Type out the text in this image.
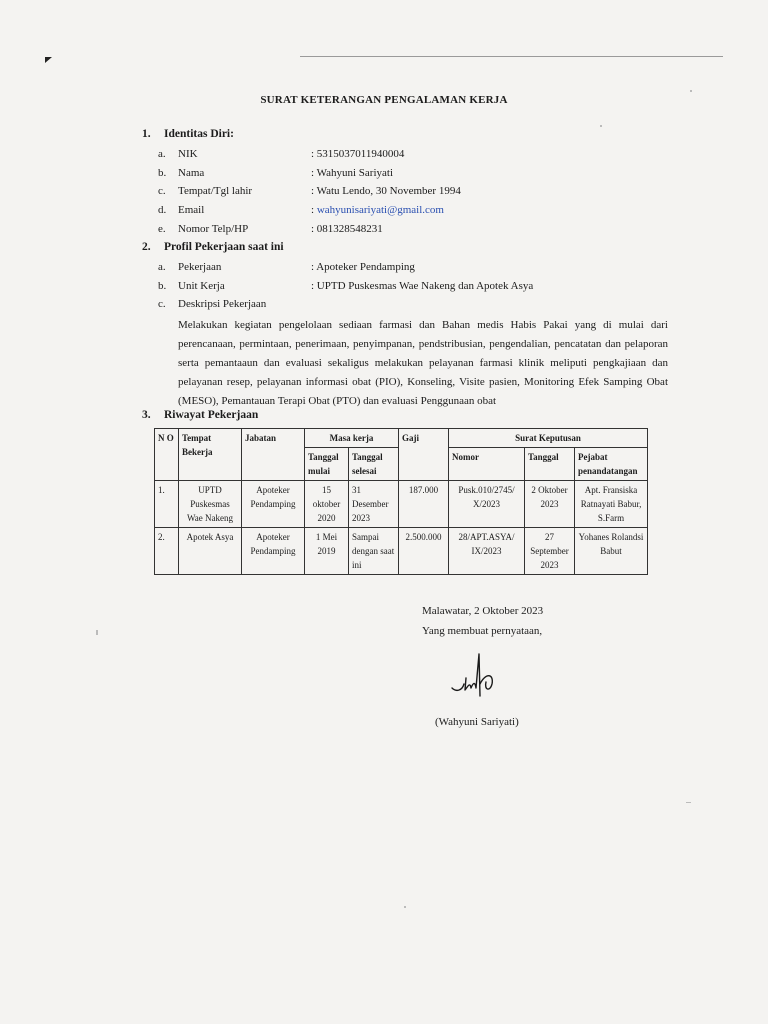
SURAT KETERANGAN PENGALAMAN KERJA
1. Identitas Diri:
a.	NIK	: 5315037011940004
b.	Nama	: Wahyuni Sariyati
c.	Tempat/Tgl lahir	: Watu Lendo, 30 November 1994
d.	Email	: wahyunisariyati@gmail.com
e.	Nomor Telp/HP	: 081328548231
2. Profil Pekerjaan saat ini
a.	Pekerjaan	: Apoteker Pendamping
b.	Unit Kerja	: UPTD Puskesmas Wae Nakeng dan Apotek Asya
c.	Deskripsi Pekerjaan

Melakukan kegiatan pengelolaan sediaan farmasi dan Bahan medis Habis Pakai yang di mulai dari perencanaan, permintaan, penerimaan, penyimpanan, pendstribusian, pengendalian, pencatatan dan pelaporan serta pemantaaun dan evaluasi sekaligus melakukan pelayanan farmasi klinik meliputi pengkajiaan dan pelayanan resep, pelayanan informasi obat (PIO), Konseling, Visite pasien, Monitoring Efek Samping Obat (MESO), Pemantauan Terapi Obat (PTO) dan evaluasi Penggunaan obat

3. Riwayat Pekerjaan
N O	Tempat Bekerja	Jabatan	Masa kerja		Gaji	Surat Keputusan		
			Tanggal mulai	Tanggal selesai		Nomor	Tanggal	Pejabat penandatangan
1.	UPTD Puskesmas Wae Nakeng	Apoteker Pendamping	15 oktober 2020	31 Desember 2023	187.000	Pusk.010/2745/ X/2023	2 Oktober 2023	Apt. Fransiska Ratnayati Babur, S.Farm
2.	Apotek Asya	Apoteker Pendamping	1 Mei 2019	Sampai dengan saat ini	2.500.000	28/APT.ASYA/ IX/2023	27 September 2023	Yohanes Rolandsi Babut
Malawatar, 2 Oktober 2023
Yang membuat pernyataan,
(Wahyuni Sariyati)
